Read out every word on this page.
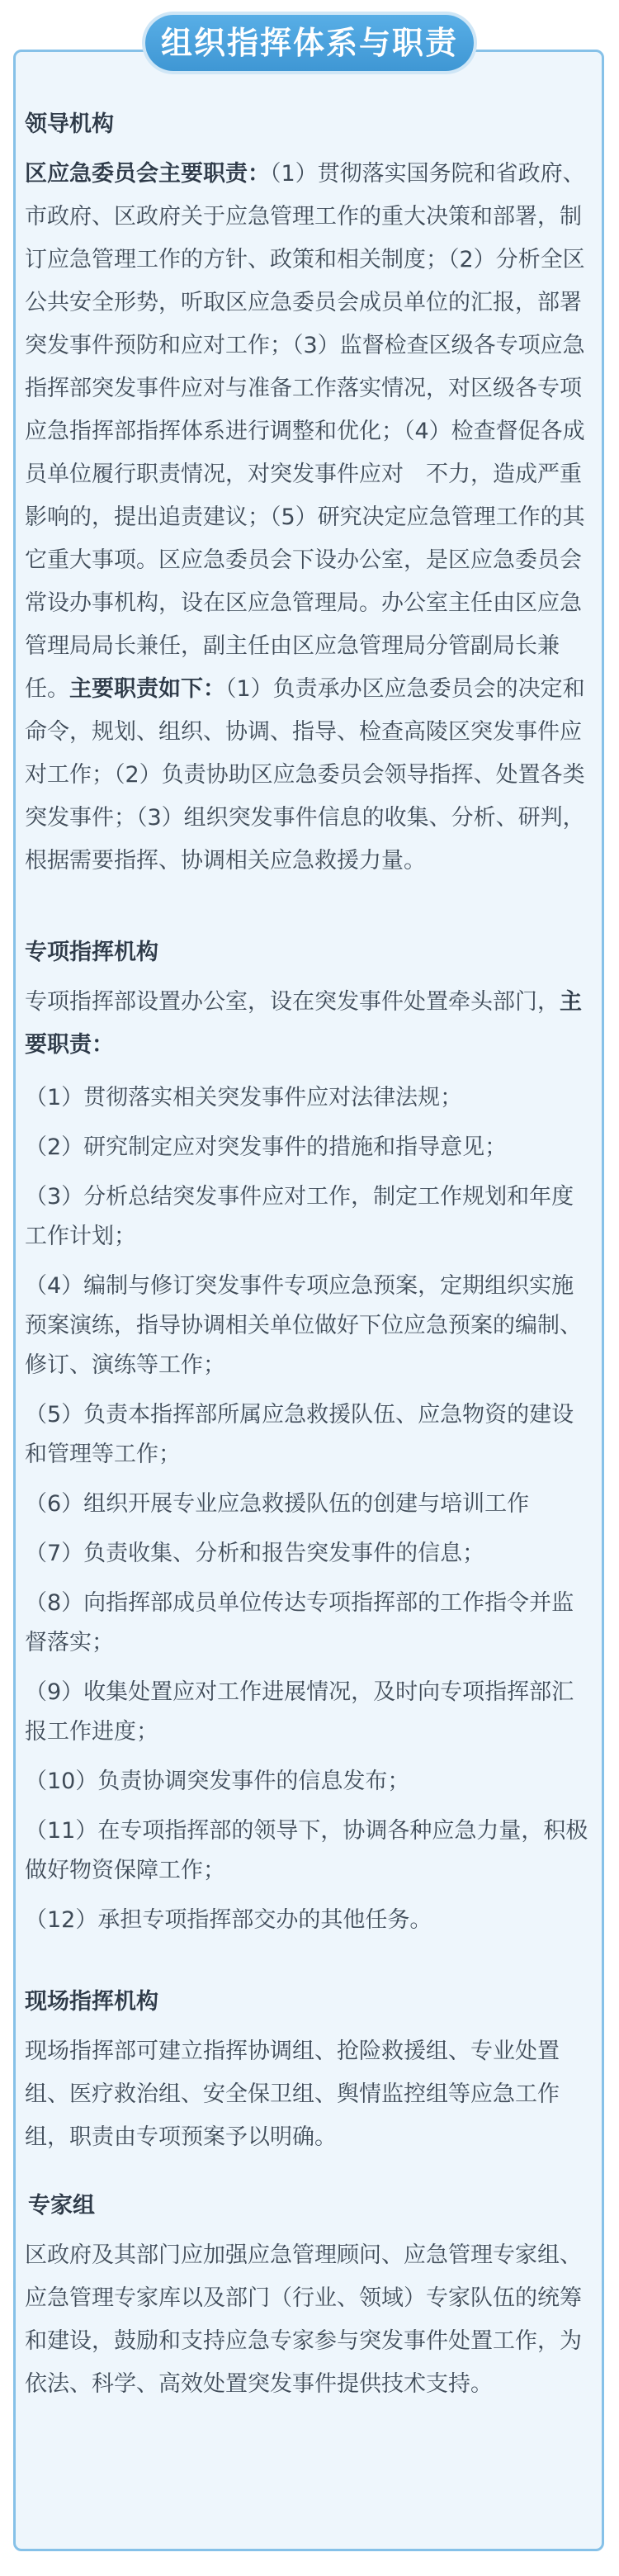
组织指挥体系与职责
领导机构

区应急委员会主要职责：（1）贯彻落实国务院和省政府、市政府、区政府关于应急管理工作的重大决策和部署，制订应急管理工作的方针、政策和相关制度；（2）分析全区公共安全形势，听取区应急委员会成员单位的汇报，部署突发事件预防和应对工作；（3）监督检查区级各专项应急指挥部突发事件应对与准备工作落实情况，对区级各专项应急指挥部指挥体系进行调整和优化；（4）检查督促各成员单位履行职责情况，对突发事件应对　不力，造成严重影响的，提出追责建议；（5）研究决定应急管理工作的其它重大事项。区应急委员会下设办公室，是区应急委员会常设办事机构，设在区应急管理局。办公室主任由区应急管理局局长兼任，副主任由区应急管理局分管副局长兼任。主要职责如下：（1）负责承办区应急委员会的决定和命令，规划、组织、协调、指导、检查高陵区突发事件应对工作；（2）负责协助区应急委员会领导指挥、处置各类突发事件；（3）组织突发事件信息的收集、分析、研判，根据需要指挥、协调相关应急救援力量。

专项指挥机构

专项指挥部设置办公室，设在突发事件处置牵头部门，主要职责：

（1）贯彻落实相关突发事件应对法律法规；
（2）研究制定应对突发事件的措施和指导意见；
（3）分析总结突发事件应对工作，制定工作规划和年度工作计划；
（4）编制与修订突发事件专项应急预案，定期组织实施预案演练，指导协调相关单位做好下位应急预案的编制、修订、演练等工作；
（5）负责本指挥部所属应急救援队伍、应急物资的建设和管理等工作；
（6）组织开展专业应急救援队伍的创建与培训工作
（7）负责收集、分析和报告突发事件的信息；
（8）向指挥部成员单位传达专项指挥部的工作指令并监督落实；
（9）收集处置应对工作进展情况，及时向专项指挥部汇报工作进度；
（10）负责协调突发事件的信息发布；
（11）在专项指挥部的领导下，协调各种应急力量，积极做好物资保障工作；
（12）承担专项指挥部交办的其他任务。
现场指挥机构

现场指挥部可建立指挥协调组、抢险救援组、专业处置组、医疗救治组、安全保卫组、舆情监控组等应急工作组，职责由专项预案予以明确。

专家组

区政府及其部门应加强应急管理顾问、应急管理专家组、应急管理专家库以及部门（行业、领域）专家队伍的统筹和建设，鼓励和支持应急专家参与突发事件处置工作，为依法、科学、高效处置突发事件提供技术支持。
